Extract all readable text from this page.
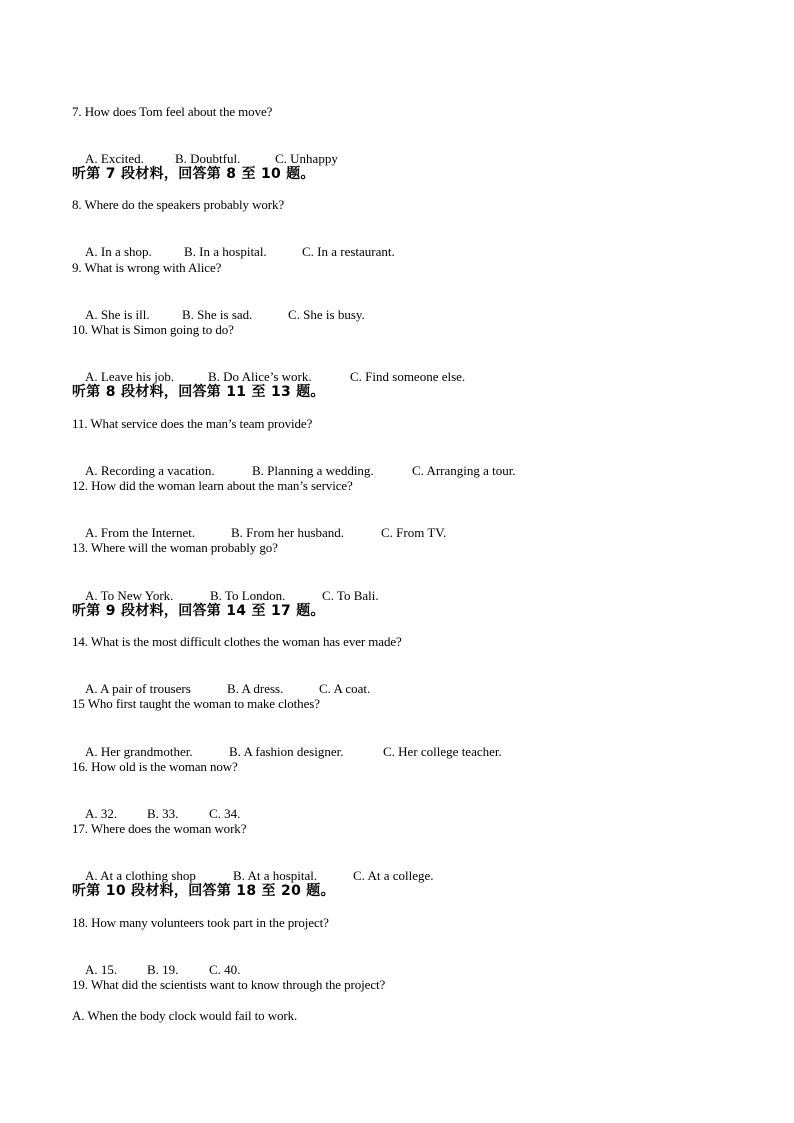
7. How does Tom feel about the move?

A. Excited. B. Doubtful.	C. Unhappy

听第 7 段材料，回答第 8 至 10 题。
8. Where do the speakers probably work?

A. In a shop. B. In a hospital.	C. In a restaurant.

9. What is wrong with Alice?

A. She is ill. B. She is sad.	C. She is busy.

10. What is Simon going to do?

A. Leave his job.	B. Do Alice’s work.	C. Find someone else.

听第 8 段材料，回答第 11 至 13 题。
11. What service does the man’s team provide?

A. Recording a vacation.	B. Planning a wedding.	C. Arranging a tour.

12. How did the woman learn about the man’s service?

A. From the Internet.	B. From her husband.	C. From TV.

13. Where will the woman probably go?

A. To New York.	B. To London.	C. To Bali.

听第 9 段材料，回答第 14 至 17 题。
14. What is the most difficult clothes the woman has ever made?

A. A pair of trousers	B. A dress.	C. A coat.

15 Who first taught the woman to make clothes?

A. Her grandmother.	B. A fashion designer.	C. Her college teacher.

16. How old is the woman now?

A. 32. B. 33. C. 34.

17. Where does the woman work?

A. At a clothing shop	B. At a hospital.	C. At a college.

听第 10 段材料，回答第 18 至 20 题。
18. How many volunteers took part in the project?

A. 15. B. 19. C. 40.

19. What did the scientists want to know through the project?
A. When the body clock would fail to work.
